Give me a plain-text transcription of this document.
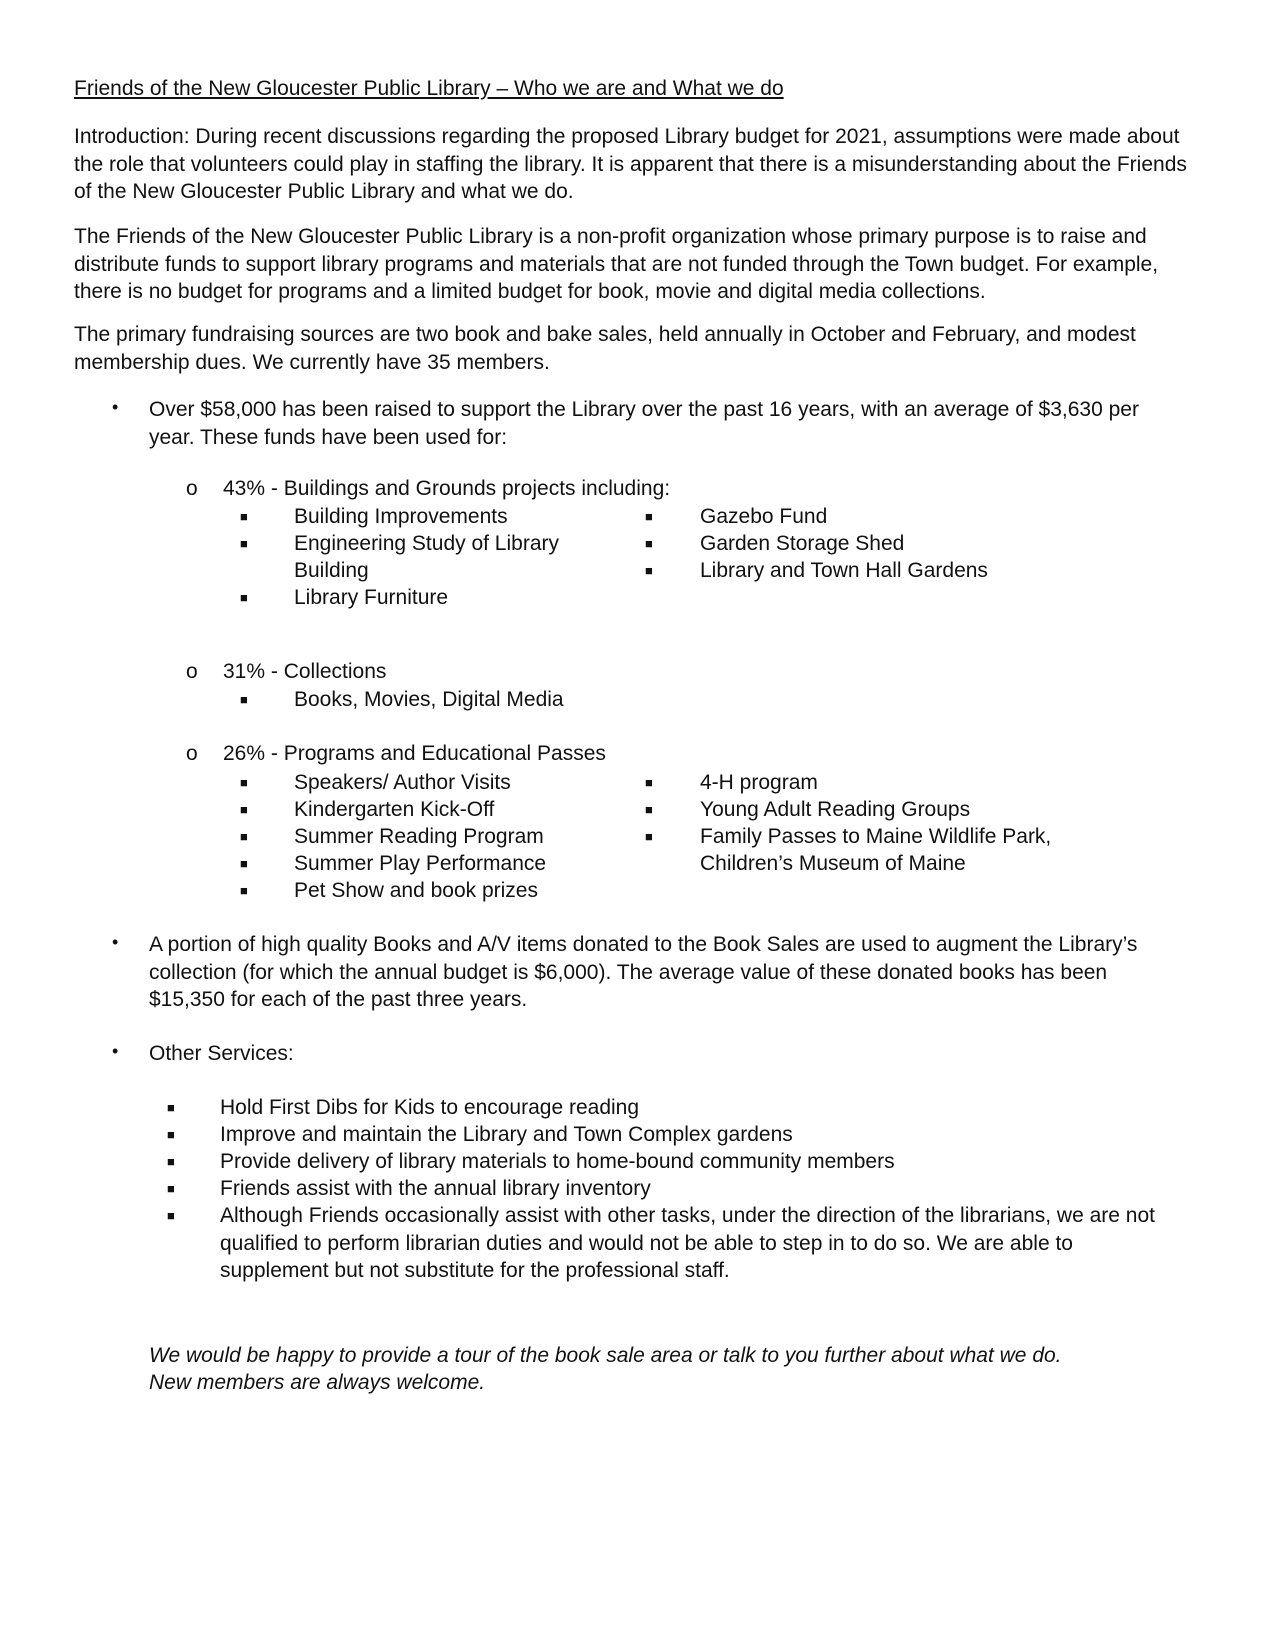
Friends of the New Gloucester Public Library – Who we are and What we do

Introduction: During recent discussions regarding the proposed Library budget for 2021, assumptions were made about the role that volunteers could play in staffing the library. It is apparent that there is a misunderstanding about the Friends of the New Gloucester Public Library and what we do.

The Friends of the New Gloucester Public Library is a non-profit organization whose primary purpose is to raise and distribute funds to support library programs and materials that are not funded through the Town budget. For example, there is no budget for programs and a limited budget for book, movie and digital media collections.

The primary fundraising sources are two book and bake sales, held annually in October and February, and modest membership dues. We currently have 35 members.

• Over $58,000 has been raised to support the Library over the past 16 years, with an average of $3,630 per year. These funds have been used for:
o 43% - Buildings and Grounds projects including:
■ Building Improvements
■ Engineering Study of Library
Building
■ Library Furniture
■ Gazebo Fund
■ Garden Storage Shed
■ Library and Town Hall Gardens
o 31% - Collections
■ Books, Movies, Digital Media
o 26% - Programs and Educational Passes
■ Speakers/ Author Visits
■ Kindergarten Kick-Off
■ Summer Reading Program
■ Summer Play Performance
■ Pet Show and book prizes
■ 4-H program
■ Young Adult Reading Groups
■ Family Passes to Maine Wildlife Park,
Children’s Museum of Maine
• A portion of high quality Books and A/V items donated to the Book Sales are used to augment the Library’s collection (for which the annual budget is $6,000). The average value of these donated books has been $15,350 for each of the past three years.
• Other Services:
■ Hold First Dibs for Kids to encourage reading
■ Improve and maintain the Library and Town Complex gardens
■ Provide delivery of library materials to home-bound community members
■ Friends assist with the annual library inventory
■ Although Friends occasionally assist with other tasks, under the direction of the librarians, we are not qualified to perform librarian duties and would not be able to step in to do so. We are able to supplement but not substitute for the professional staff.
We would be happy to provide a tour of the book sale area or talk to you further about what we do.
New members are always welcome.
